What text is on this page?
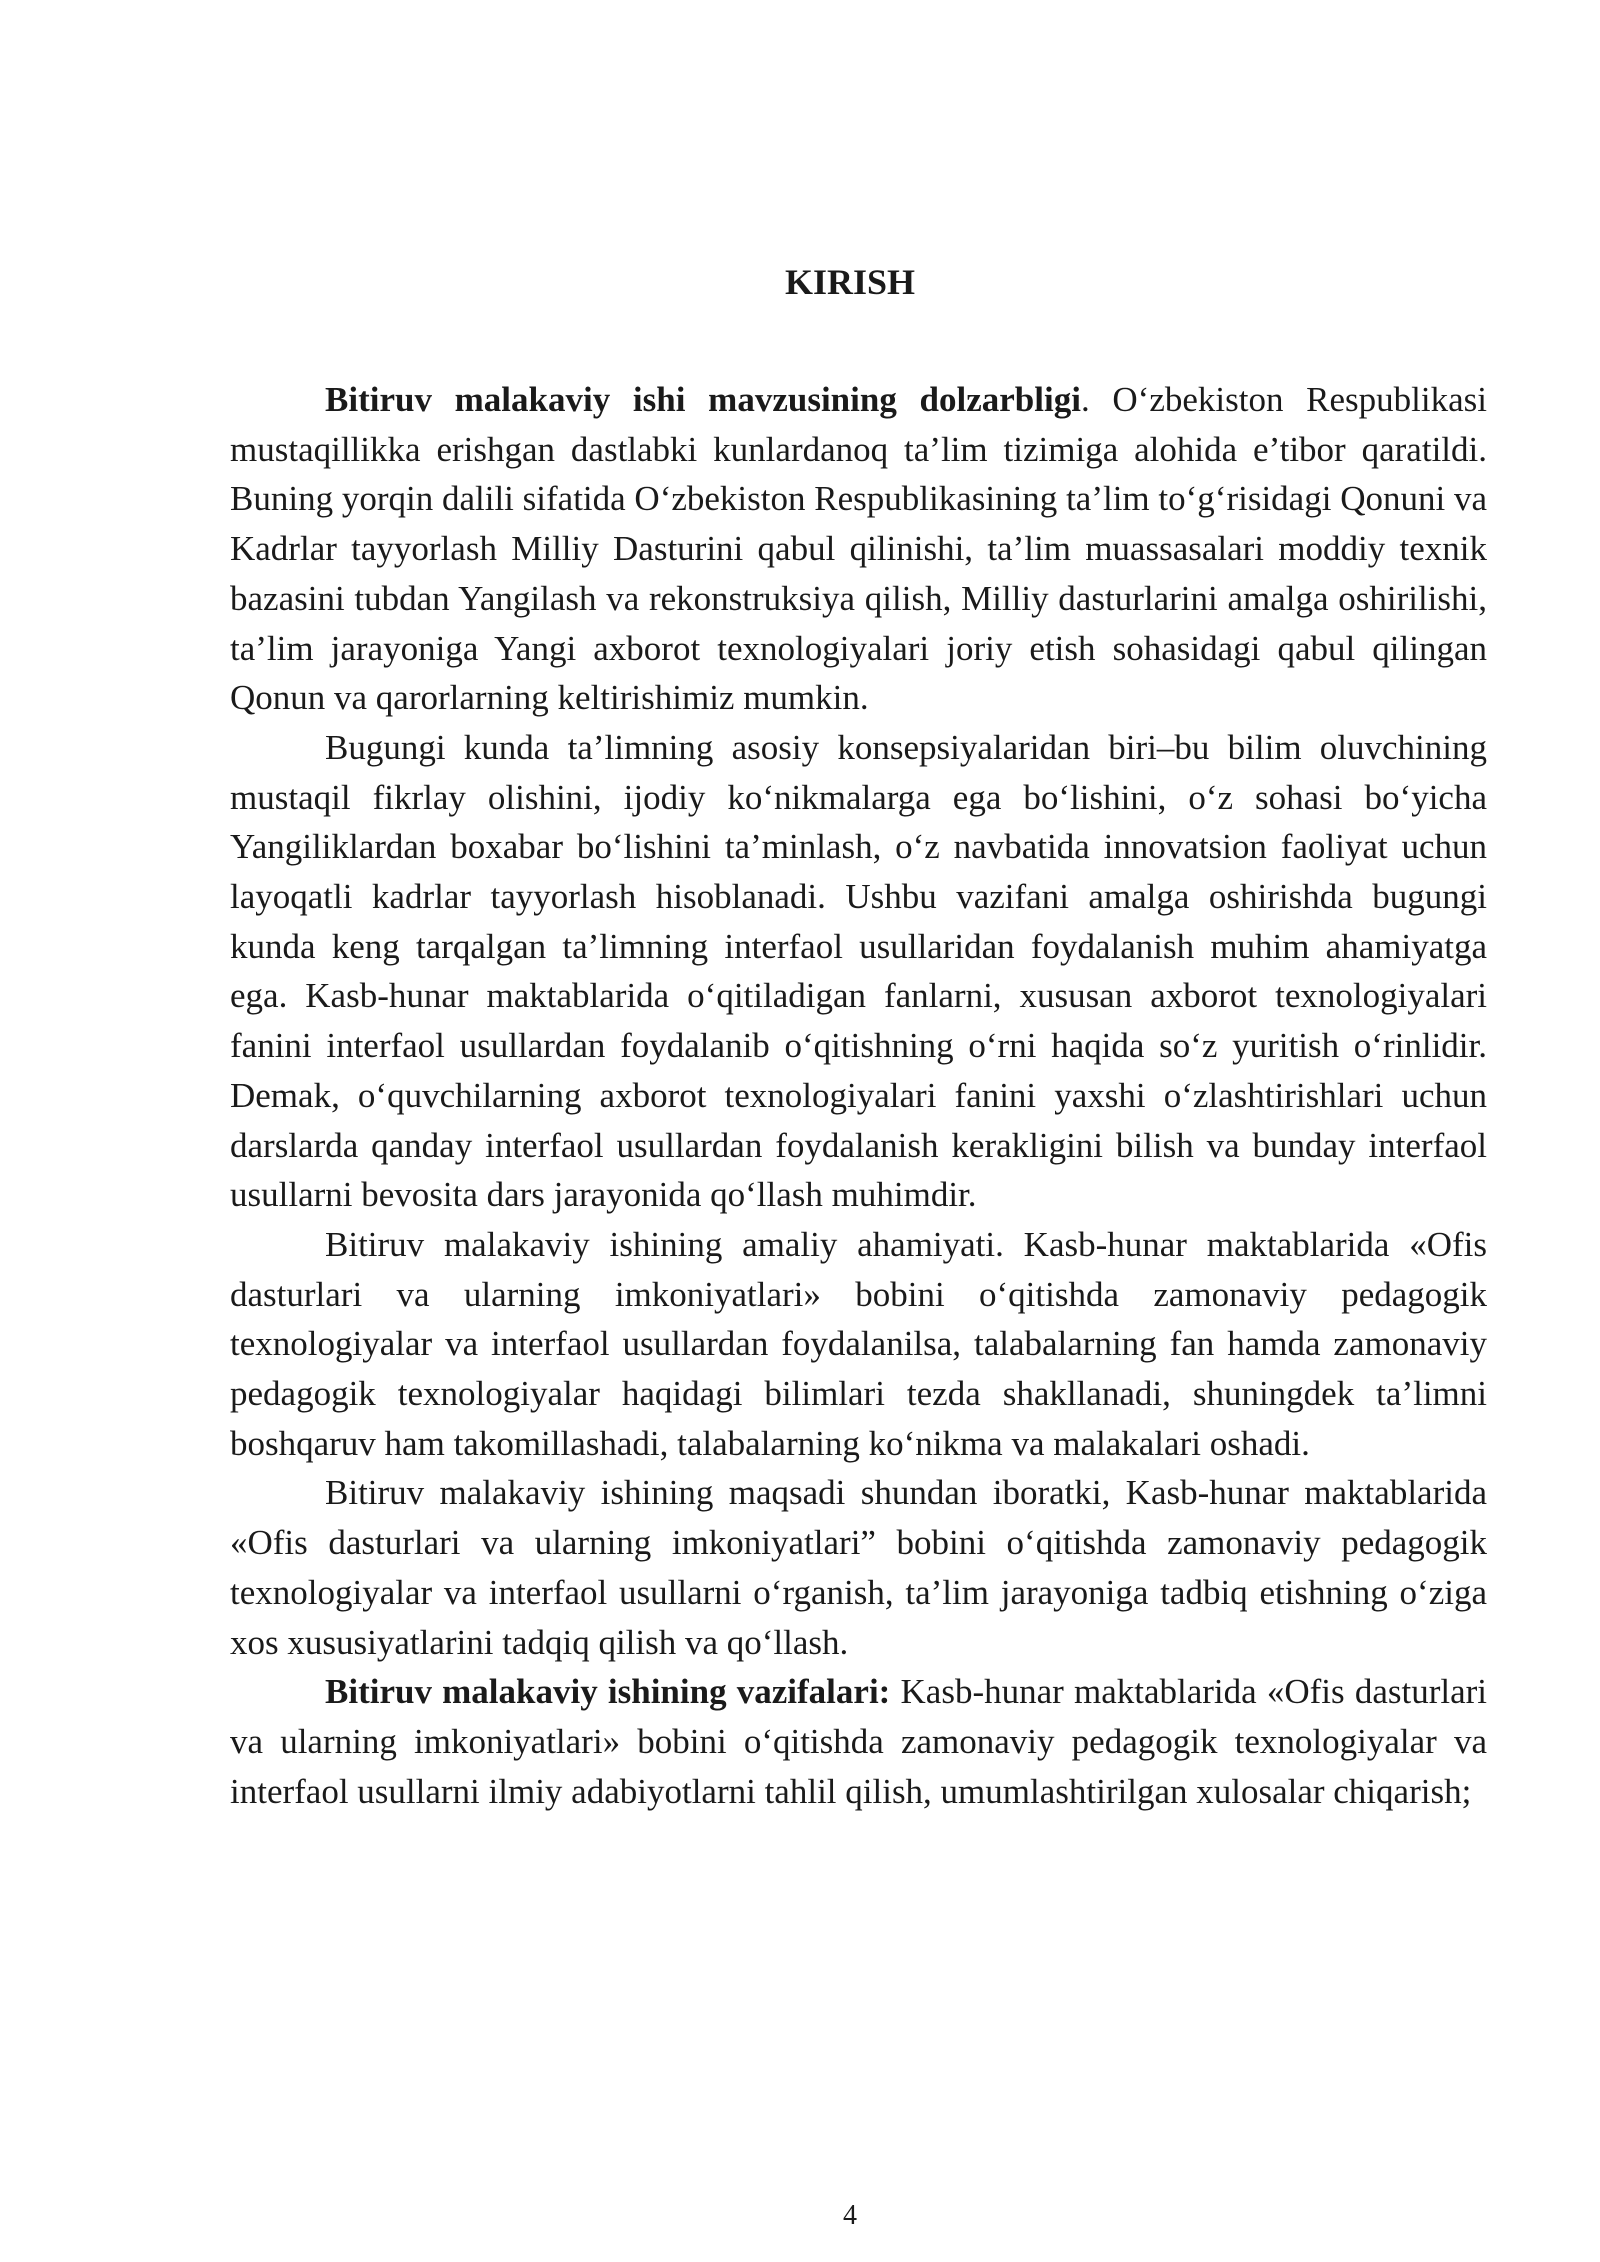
KIRISH

Bitiruv malakaviy ishi mavzusining dolzarbligi. O‘zbekiston Respublikasi mustaqillikka erishgan dastlabki kunlardanoq ta’lim tizimiga alohida e’tibor qaratildi. Buning yorqin dalili sifatida O‘zbekiston Respublikasining ta’lim to‘g‘risidagi Qonuni va Kadrlar tayyorlash Milliy Dasturini qabul qilinishi, ta’lim muassasalari moddiy texnik bazasini tubdan Yangilash va rekonstruksiya qilish, Milliy dasturlarini amalga oshirilishi, ta’lim jarayoniga Yangi axborot texnologiyalari joriy etish sohasidagi qabul qilingan Qonun va qarorlarning keltirishimiz mumkin.

Bugungi kunda ta’limning asosiy konsepsiyalaridan biri–bu bilim oluvchining mustaqil fikrlay olishini, ijodiy ko‘nikmalarga ega bo‘lishini, o‘z sohasi bo‘yicha Yangiliklardan boxabar bo‘lishini ta’minlash, o‘z navbatida innovatsion faoliyat uchun layoqatli kadrlar tayyorlash hisoblanadi. Ushbu vazifani amalga oshirishda bugungi kunda keng tarqalgan ta’limning interfaol usullaridan foydalanish muhim ahamiyatga ega. Kasb-hunar maktablarida o‘qitiladigan fanlarni, xususan axborot texnologiyalari fanini interfaol usullardan foydalanib o‘qitishning o‘rni haqida so‘z yuritish o‘rinlidir. Demak, o‘quvchilarning axborot texnologiyalari fanini yaxshi o‘zlashtirishlari uchun darslarda qanday interfaol usullardan foydalanish kerakligini bilish va bunday interfaol usullarni bevosita dars jarayonida qo‘llash muhimdir.

Bitiruv malakaviy ishining amaliy ahamiyati. Kasb-hunar maktablarida «Ofis dasturlari va ularning imkoniyatlari» bobini o‘qitishda zamonaviy pedagogik texnologiyalar va interfaol usullardan foydalanilsa, talabalarning fan hamda zamonaviy pedagogik texnologiyalar haqidagi bilimlari tezda shakllanadi, shuningdek ta’limni boshqaruv ham takomillashadi, talabalarning ko‘nikma va malakalari oshadi.

Bitiruv malakaviy ishining maqsadi shundan iboratki, Kasb-hunar maktablarida «Ofis dasturlari va ularning imkoniyatlari” bobini o‘qitishda zamonaviy pedagogik texnologiyalar va interfaol usullarni o‘rganish, ta’lim jarayoniga tadbiq etishning o‘ziga xos xususiyatlarini tadqiq qilish va qo‘llash.

Bitiruv malakaviy ishining vazifalari: Kasb-hunar maktablarida «Ofis dasturlari va ularning imkoniyatlari» bobini o‘qitishda zamonaviy pedagogik texnologiyalar va interfaol usullarni ilmiy adabiyotlarni tahlil qilish, umumlashtirilgan xulosalar chiqarish;

4
